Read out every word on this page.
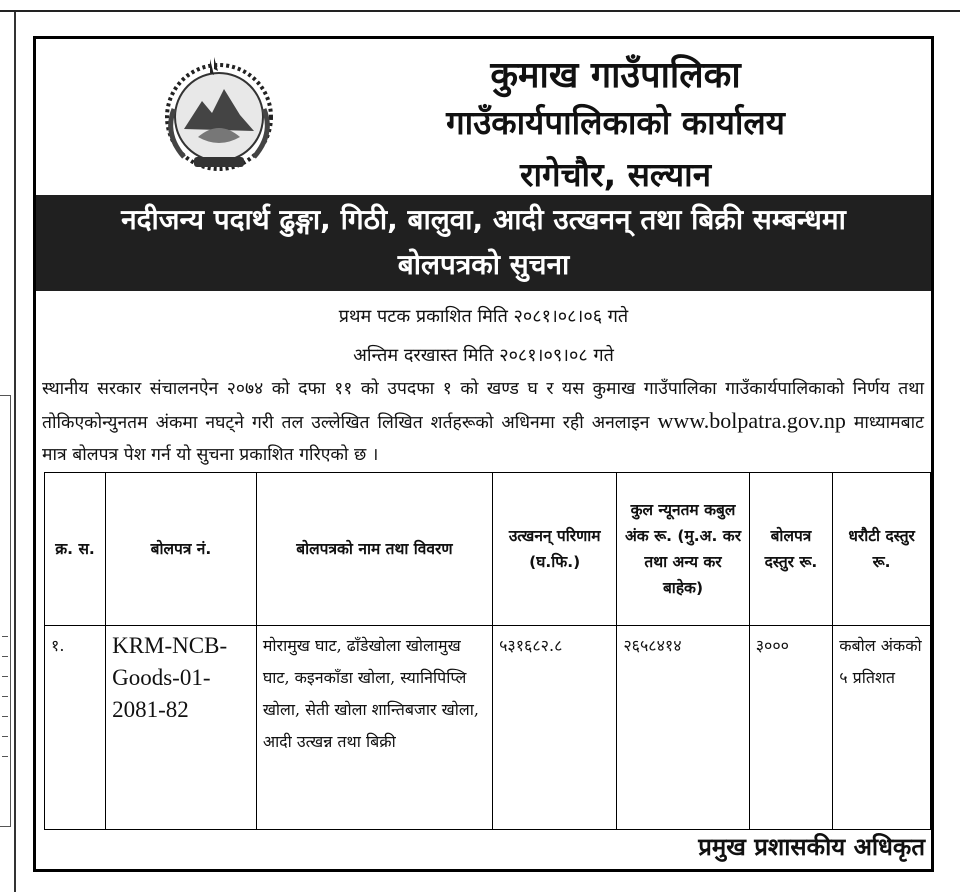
कुमाख गाउँपालिका
गाउँकार्यपालिकाको कार्यालय
रागेचौर, सल्यान
नदीजन्य पदार्थ ढुङ्गा, गिठी, बालुवा, आदी उत्खनन् तथा बिक्री सम्बन्धमा
बोलपत्रको सुचना
प्रथम पटक प्रकाशित मिति २०८१।०८।०६ गते
अन्तिम दरखास्त मिति २०८१।०९।०८ गते
स्थानीय सरकार संचालनऐन २०७४ को दफा ११ को उपदफा १ को खण्ड घ र यस कुमाख गाउँपालिका गाउँकार्यपालिकाको निर्णय तथा तोकिएकोन्युनतम अंकमा नघट्ने गरी तल उल्लेखित लिखित शर्तहरूको अधिनमा रही अनलाइन www.bolpatra.gov.np माध्यामबाट मात्र बोलपत्र पेश गर्न यो सुचना प्रकाशित गरिएको छ ।
क्र. स.	बोलपत्र नं.	बोलपत्रको नाम तथा विवरण	उत्खनन् परिणाम (घ.फि.)	कुल न्यूनतम कबुल अंक रू. (मु.अ. कर तथा अन्य कर बाहेक)	बोलपत्र दस्तुर रू.	धरौटी दस्तुर रू.
१.	KRM-NCB-Goods-01-2081-82	मोरामुख घाट, ढाँडेखोला खोलामुख घाट, कइनकाँडा खोला, स्यानिपिप्लि खोला, सेती खोला शान्तिबजार खोला, आदी उत्खन्न तथा बिक्री	५३१६८२.८	२६५८४१४	३०००	कबोल अंकको ५ प्रतिशत
प्रमुख प्रशासकीय अधिकृत
